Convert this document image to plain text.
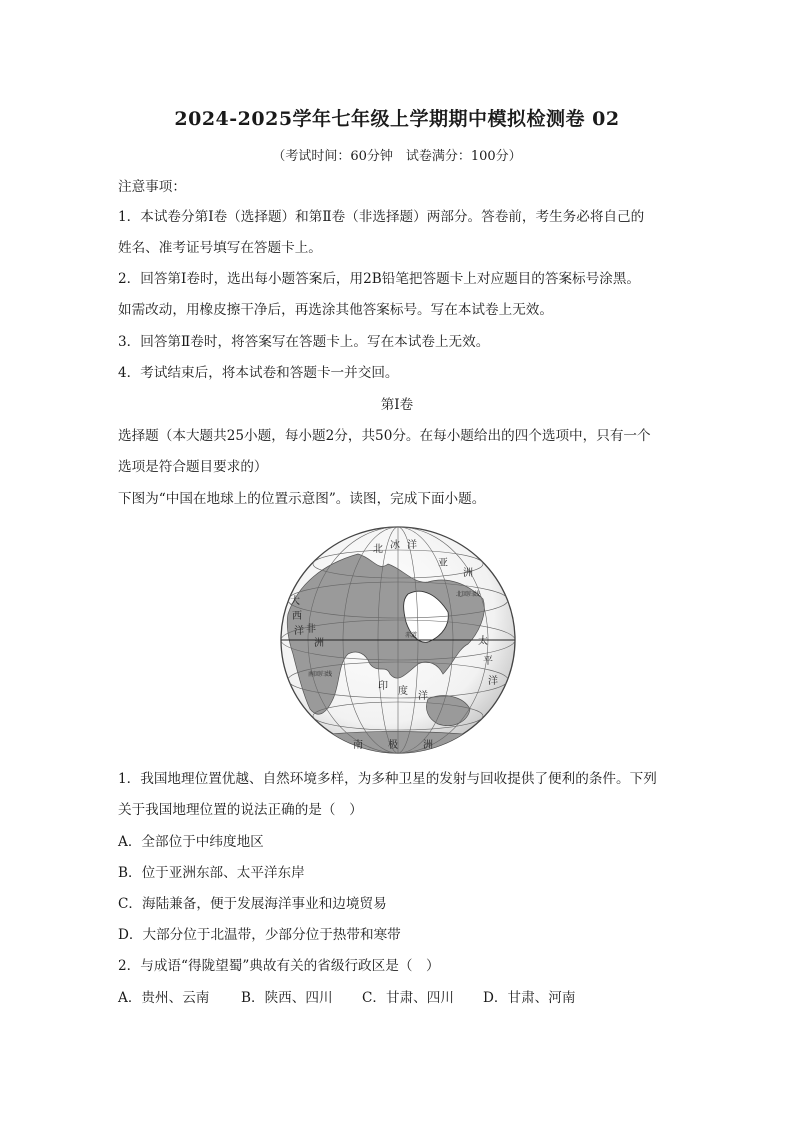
2024-2025学年七年级上学期期中模拟检测卷 02
（考试时间：60分钟　试卷满分：100分）
注意事项：
1．本试卷分第Ⅰ卷（选择题）和第Ⅱ卷（非选择题）两部分。答卷前，考生务必将自己的
姓名、准考证号填写在答题卡上。
2．回答第Ⅰ卷时，选出每小题答案后，用2B铅笔把答题卡上对应题目的答案标号涂黑。
如需改动，用橡皮擦干净后，再选涂其他答案标号。写在本试卷上无效。
3．回答第Ⅱ卷时，将答案写在答题卡上。写在本试卷上无效。
4．考试结束后，将本试卷和答题卡一并交回。
第Ⅰ卷
选择题（本大题共25小题，每小题2分，共50分。在每小题给出的四个选项中，只有一个
选项是符合题目要求的）
下图为“中国在地球上的位置示意图”。读图，完成下面小题。
亚
洲
太
平
洋
印 度 洋
北 冰 洋
南	极	洲
非
洲
大
西
洋	赤道
南回归线
北回归线
1．我国地理位置优越、自然环境多样，为多种卫星的发射与回收提供了便利的条件。下列
关于我国地理位置的说法正确的是（　）
A．全部位于中纬度地区
B．位于亚洲东部、太平洋东岸
C．海陆兼备，便于发展海洋事业和边境贸易
D．大部分位于北温带，少部分位于热带和寒带
2．与成语“得陇望蜀”典故有关的省级行政区是（　）
A．贵州、云南 B．陕西、四川 C．甘肃、四川 D．甘肃、河南
